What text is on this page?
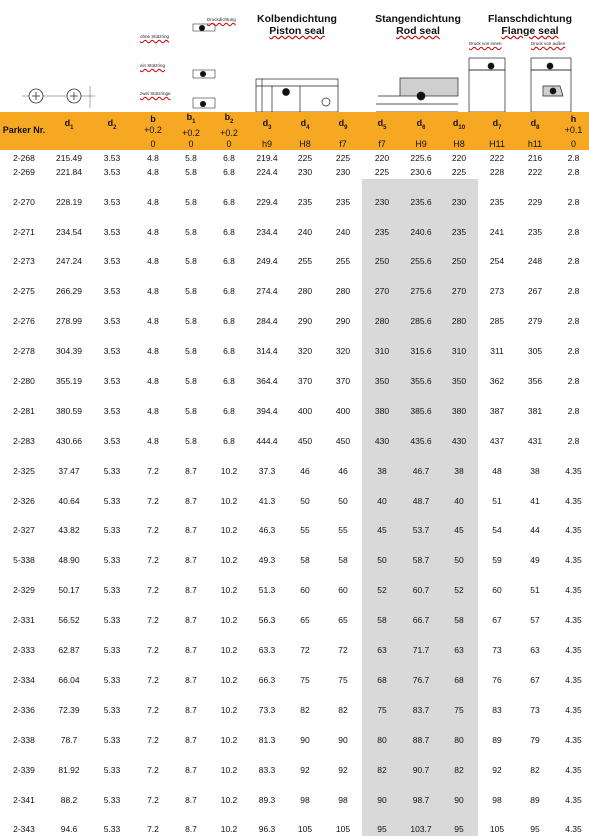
Kolbendichtung
Piston seal
Stangendichtung
Rod seal
Flanschdichtung
Flange seal
Druckdichtung
ohne Stützring
ein Stützring
zwei Stützringe
Druck von innen	Druck von außen
Parker Nr.	$d_1$	$d_2$	b
+0.2	$b_1$
+0.2	$b_2$
+0.2	$d_3$	$d_4$	$d_9$	$d_5$	$d_6$	$d_{10}$	$d_7$	$d_8$	h
+0.1
			0	0	0	h9	H8	f7	f7	H9	H8	H11	h11	0
2-268	215.49	3.53	4.8	5.8	6.8	219.4	225	225	220	225.6	220	222	216	2.8
2-269	221.84	3.53	4.8	5.8	6.8	224.4	230	230	225	230.6	225	228	222	2.8
2-270	228.19	3.53	4.8	5.8	6.8	229.4	235	235	230	235.6	230	235	229	2.8
2-271	234.54	3.53	4.8	5.8	6.8	234.4	240	240	235	240.6	235	241	235	2.8
2-273	247.24	3.53	4.8	5.8	6.8	249.4	255	255	250	255.6	250	254	248	2.8
2-275	266.29	3.53	4.8	5.8	6.8	274.4	280	280	270	275.6	270	273	267	2.8
2-276	278.99	3.53	4.8	5.8	6.8	284.4	290	290	280	285.6	280	285	279	2.8
2-278	304.39	3.53	4.8	5.8	6.8	314.4	320	320	310	315.6	310	311	305	2.8
2-280	355.19	3.53	4.8	5.8	6.8	364.4	370	370	350	355.6	350	362	356	2.8
2-281	380.59	3.53	4.8	5.8	6.8	394.4	400	400	380	385.6	380	387	381	2.8
2-283	430.66	3.53	4.8	5.8	6.8	444.4	450	450	430	435.6	430	437	431	2.8
2-325	37.47	5.33	7.2	8.7	10.2	37.3	46	46	38	46.7	38	48	38	4.35
2-326	40.64	5.33	7.2	8.7	10.2	41.3	50	50	40	48.7	40	51	41	4.35
2-327	43.82	5.33	7.2	8.7	10.2	46.3	55	55	45	53.7	45	54	44	4.35
5-338	48.90	5.33	7.2	8.7	10.2	49.3	58	58	50	58.7	50	59	49	4.35
2-329	50.17	5.33	7.2	8.7	10.2	51.3	60	60	52	60.7	52	60	51	4.35
2-331	56.52	5.33	7.2	8.7	10.2	56.3	65	65	58	66.7	58	67	57	4.35
2-333	62.87	5.33	7.2	8.7	10.2	63.3	72	72	63	71.7	63	73	63	4.35
2-334	66.04	5.33	7.2	8.7	10.2	66.3	75	75	68	76.7	68	76	67	4.35
2-336	72.39	5.33	7.2	8.7	10.2	73.3	82	82	75	83.7	75	83	73	4.35
2-338	78.7	5.33	7.2	8.7	10.2	81.3	90	90	80	88.7	80	89	79	4.35
2-339	81.92	5.33	7.2	8.7	10.2	83.3	92	92	82	90.7	82	92	82	4.35
2-341	88.2	5.33	7.2	8.7	10.2	89.3	98	98	90	98.7	90	98	89	4.35
2-343	94.6	5.33	7.2	8.7	10.2	96.3	105	105	95	103.7	95	105	95	4.35
